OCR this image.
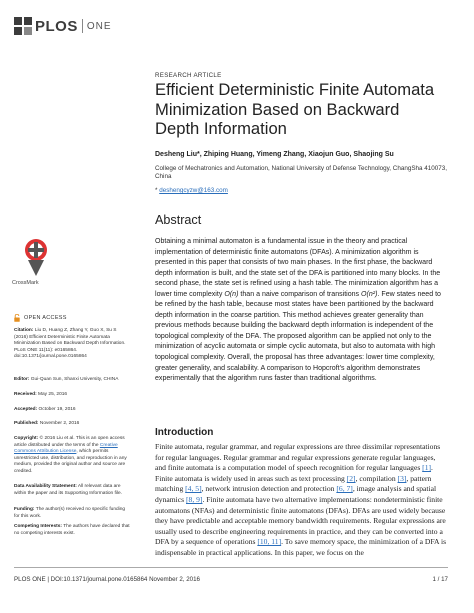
PLOS ONE
RESEARCH ARTICLE
Efficient Deterministic Finite Automata Minimization Based on Backward Depth Information
Desheng Liu*, Zhiping Huang, Yimeng Zhang, Xiaojun Guo, Shaojing Su
College of Mechatronics and Automation, National University of Defense Technology, ChangSha 410073, China
* deshengcyzw@163.com
Abstract

Obtaining a minimal automaton is a fundamental issue in the theory and practical implementation of deterministic finite automatons (DFAs). A minimization algorithm is presented in this paper that consists of two main phases. In the first phase, the backward depth information is built, and the state set of the DFA is partitioned into many blocks. In the second phase, the state set is refined using a hash table. The minimization algorithm has a lower time complexity O(n) than a naive comparison of transitions O(n²). Few states need to be refined by the hash table, because most states have been partitioned by the backward depth information in the coarse partition. This method achieves greater generality than previous methods because building the backward depth information is independent of the topological complexity of the DFA. The proposed algorithm can be applied not only to the minimization of acyclic automata or simple cyclic automata, but also to automata with high topological complexity. Overall, the proposal has three advantages: lower time complexity, greater generality, and scalability. A comparison to Hopcroft’s algorithm demonstrates experimentally that the algorithm runs faster than traditional algorithms.

CrossMark
OPEN ACCESS
Citation: Liu D, Huang Z, Zhang Y, Guo X, Su S (2016) Efficient Deterministic Finite Automata Minimization Based on Backward Depth Information. PLoS ONE 11(11): e0165864. doi:10.1371/journal.pone.0165864
Editor: Gui-Quan Sun, Shanxi University, CHINA
Received: May 25, 2016
Accepted: October 19, 2016
Published: November 2, 2016
Copyright: © 2016 Liu et al. This is an open access article distributed under the terms of the Creative Commons Attribution License, which permits unrestricted use, distribution, and reproduction in any medium, provided the original author and source are credited.
Data Availability Statement: All relevant data are within the paper and its Supporting Information file.
Funding: The author(s) received no specific funding for this work.
Competing Interests: The authors have declared that no competing interests exist.
Introduction

Finite automata, regular grammar, and regular expressions are three dissimilar representations for regular languages. Regular grammar and regular expressions generate regular languages, and finite automata is a computation model of speech recognition for regular languages [1]. Finite automata is widely used in areas such as text processing [2], compilation [3], pattern matching [4, 5], network intrusion detection and protection [6, 7], image analysis and spatial dynamics [8, 9]. Finite automata have two alternative implementations: nondeterministic finite automatons (NFAs) and deterministic finite automatons (DFAs). DFAs are used widely because they have predictable and acceptable memory bandwidth requirements. Regular expressions are usually used to describe engineering requirements in practice, and they can be converted into a DFA by a sequence of operations [10, 11]. To save memory space, the minimization of a DFA is indispensable in practical applications. In this paper, we focus on the

PLOS ONE | DOI:10.1371/journal.pone.0165864 November 2, 2016	1 / 17
